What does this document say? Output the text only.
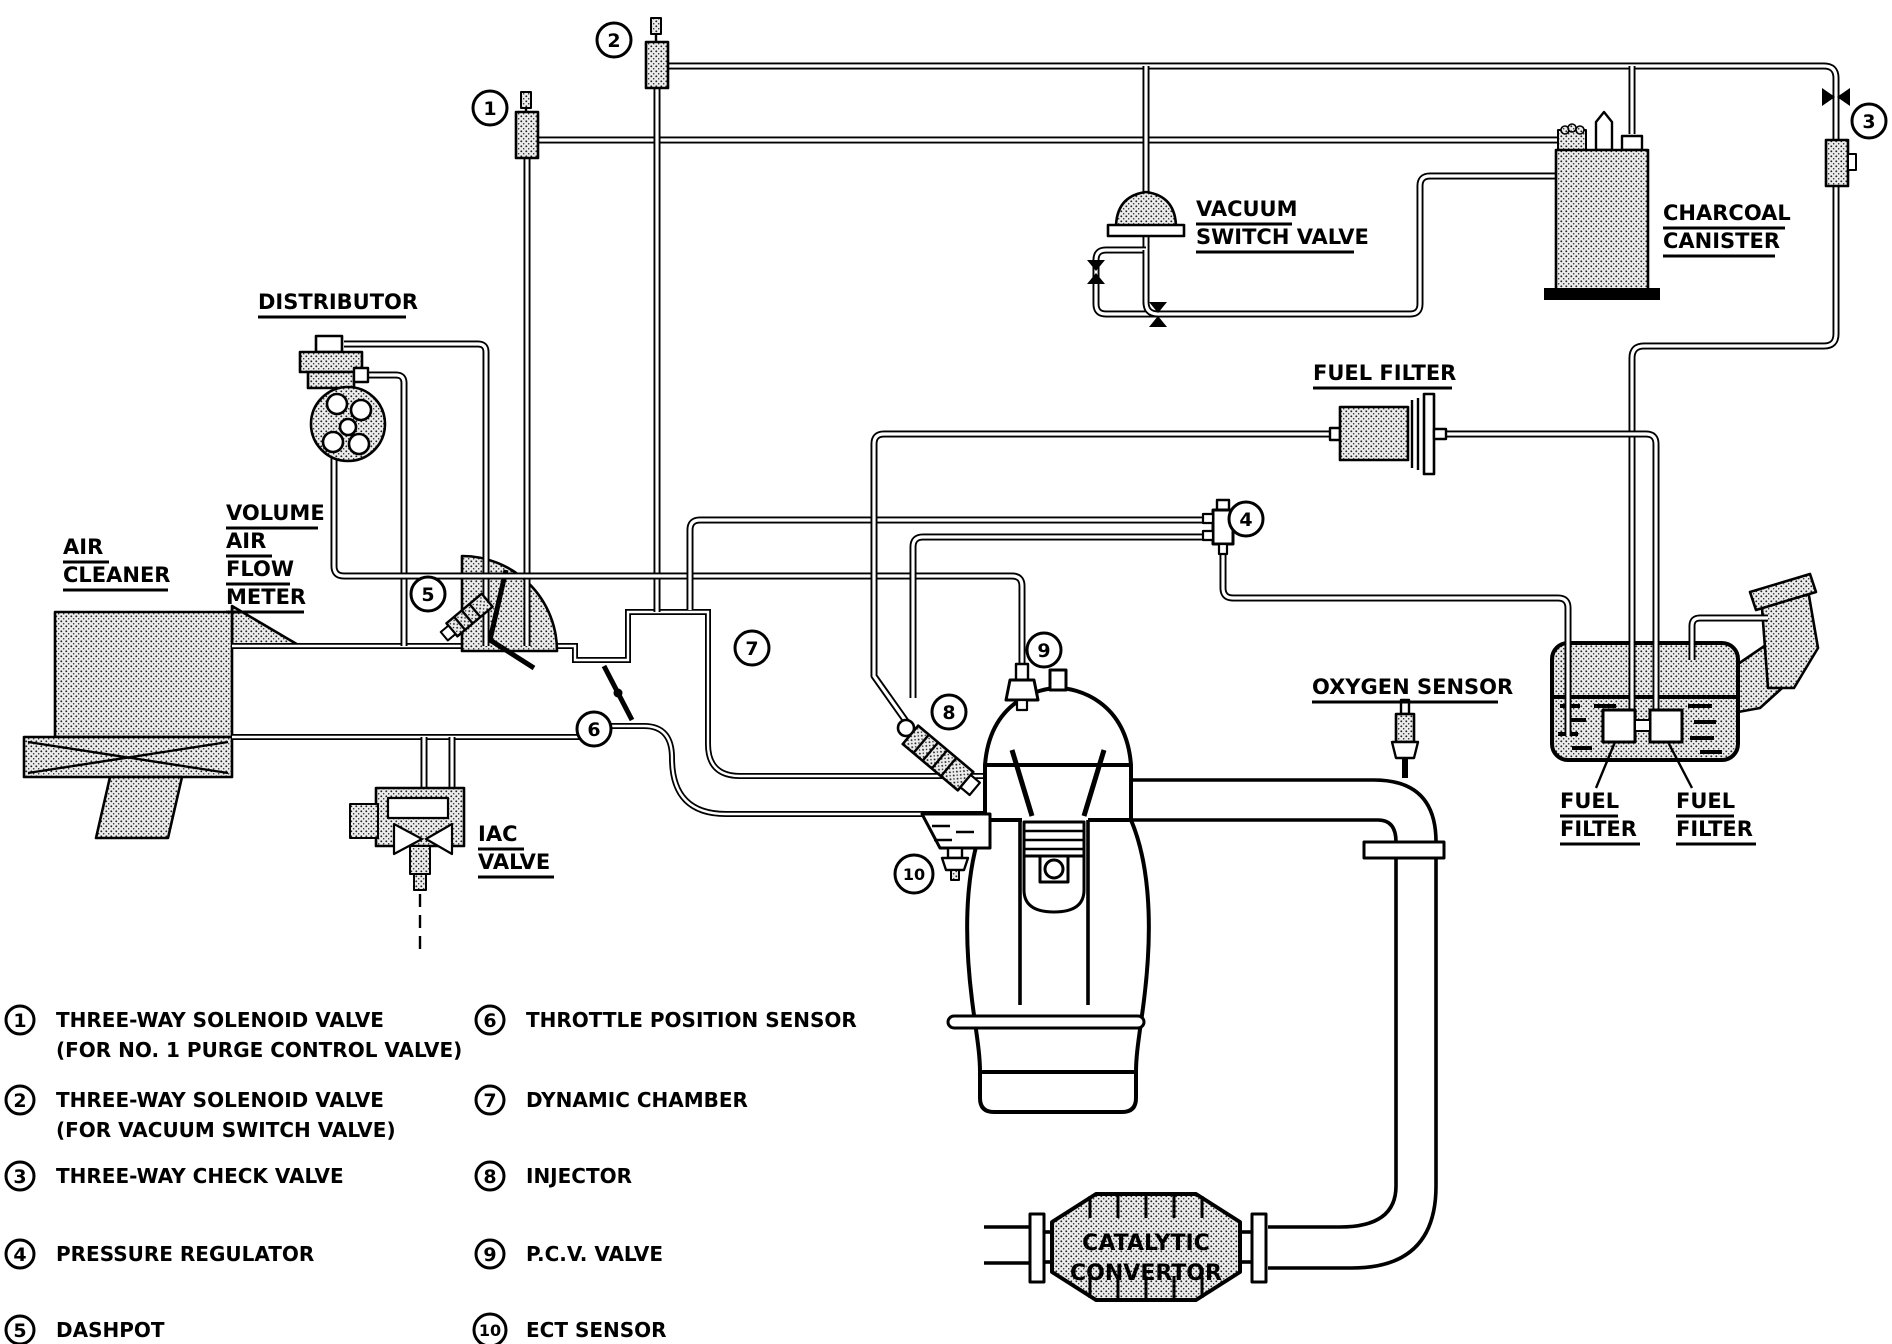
CATALYTIC
CONVERTOR
1
2
3
4
5
6
7
8
9
10
DISTRIBUTOR
VOLUME
AIR
FLOW
METER
AIR
CLEANER
IAC
VALVE
VACUUM
SWITCH VALVE
CHARCOAL
CANISTER
FUEL FILTER
OXYGEN SENSOR
FUEL
FILTER
FUEL
FILTER
1 THREE-WAY SOLENOID VALVE
(FOR NO. 1 PURGE CONTROL VALVE)
2 THREE-WAY SOLENOID VALVE
(FOR VACUUM SWITCH VALVE)
3 THREE-WAY CHECK VALVE
4 PRESSURE REGULATOR
5 DASHPOT
6 THROTTLE POSITION SENSOR
7 DYNAMIC CHAMBER
8 INJECTOR
9 P.C.V. VALVE
10 ECT SENSOR
